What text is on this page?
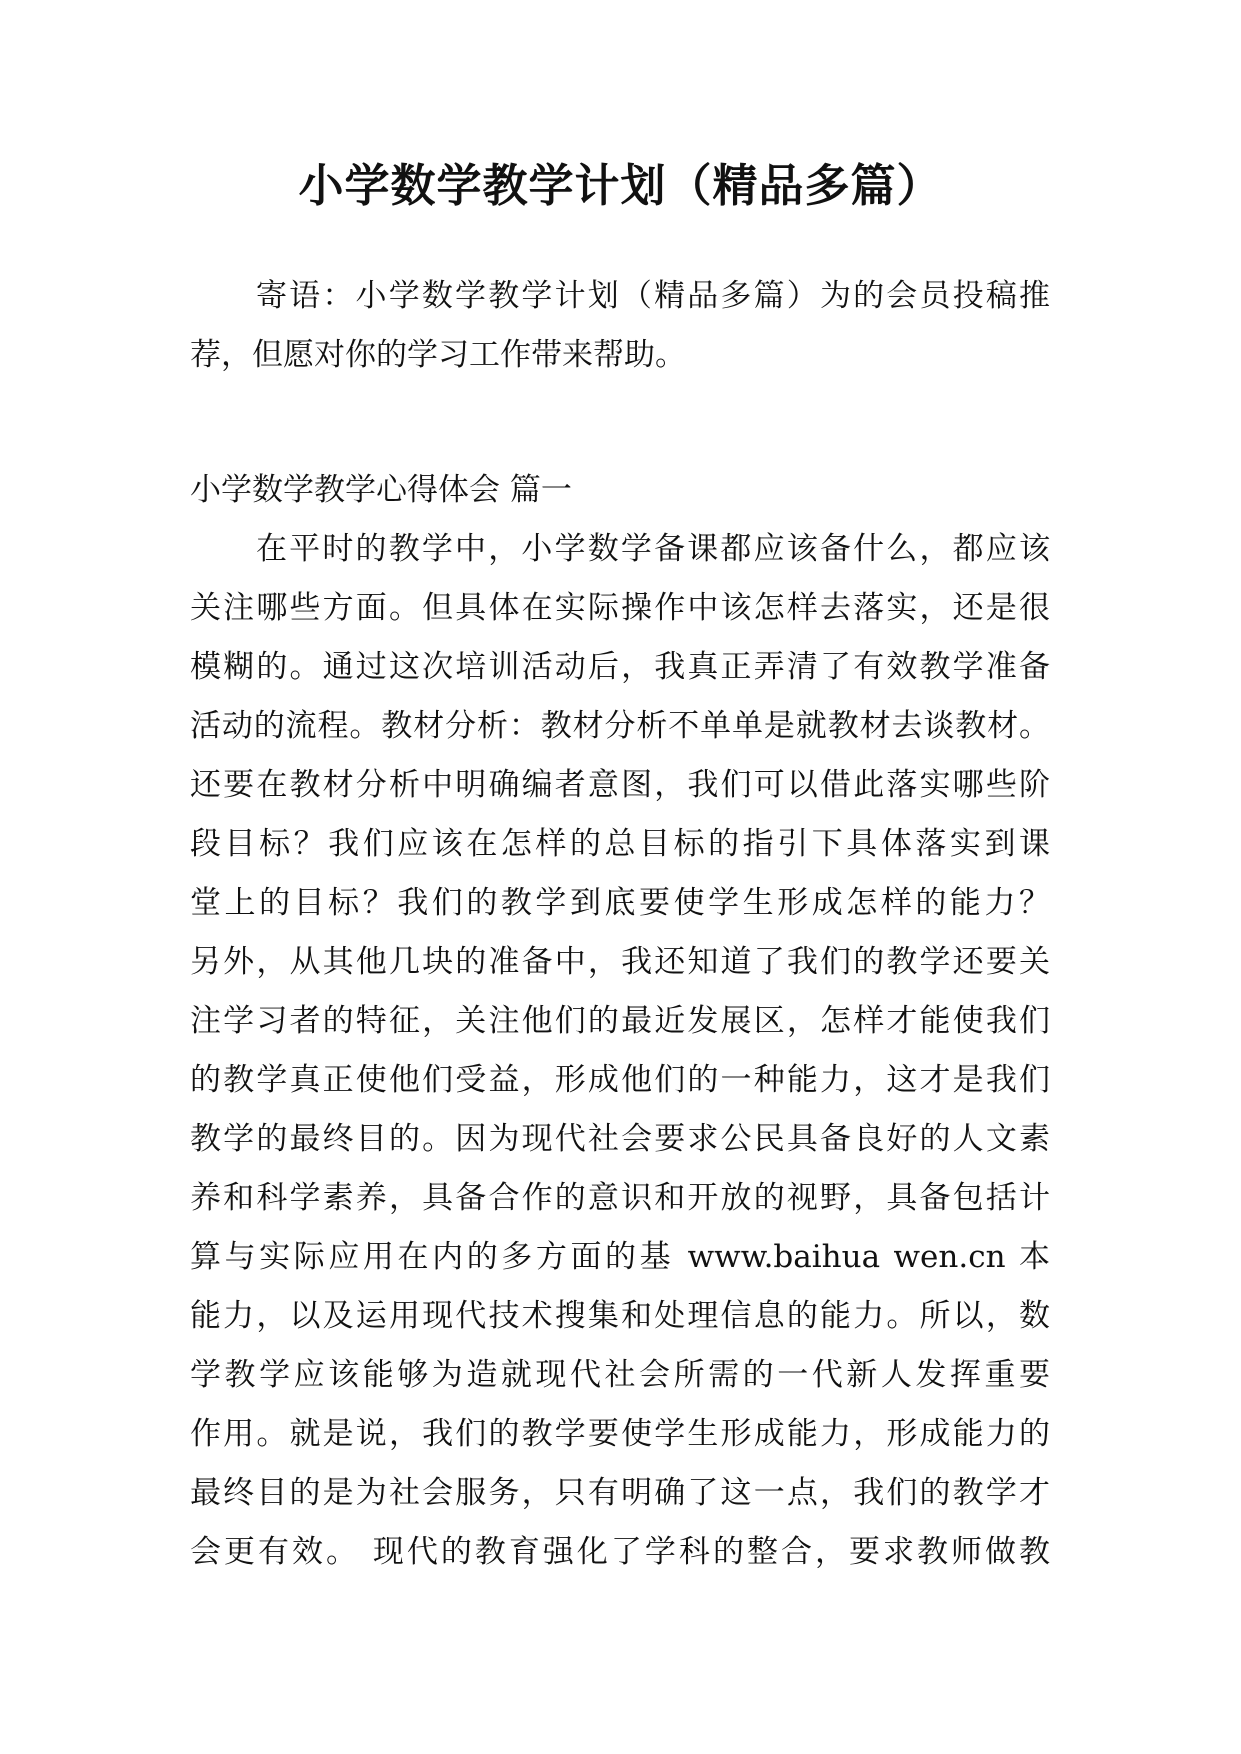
小学数学教学计划（精品多篇）
寄语：小学数学教学计划（精品多篇）为的会员投稿推
荐，但愿对你的学习工作带来帮助。
小学数学教学心得体会 篇一
在平时的教学中，小学数学备课都应该备什么，都应该
关注哪些方面。但具体在实际操作中该怎样去落实，还是很
模糊的。通过这次培训活动后，我真正弄清了有效教学准备
活动的流程。教材分析：教材分析不单单是就教材去谈教材。
还要在教材分析中明确编者意图，我们可以借此落实哪些阶
段目标？我们应该在怎样的总目标的指引下具体落实到课
堂上的目标？我们的教学到底要使学生形成怎样的能力？
另外，从其他几块的准备中，我还知道了我们的教学还要关
注学习者的特征，关注他们的最近发展区，怎样才能使我们
的教学真正使他们受益，形成他们的一种能力，这才是我们
教学的最终目的。因为现代社会要求公民具备良好的人文素
养和科学素养，具备合作的意识和开放的视野，具备包括计
算与实际应用在内的多方面的基 www.baihua wen.cn 本
能力，以及运用现代技术搜集和处理信息的能力。所以，数
学教学应该能够为造就现代社会所需的一代新人发挥重要
作用。就是说，我们的教学要使学生形成能力，形成能力的
最终目的是为社会服务，只有明确了这一点，我们的教学才
会更有效。 现代的教育强化了学科的整合，要求教师做教
